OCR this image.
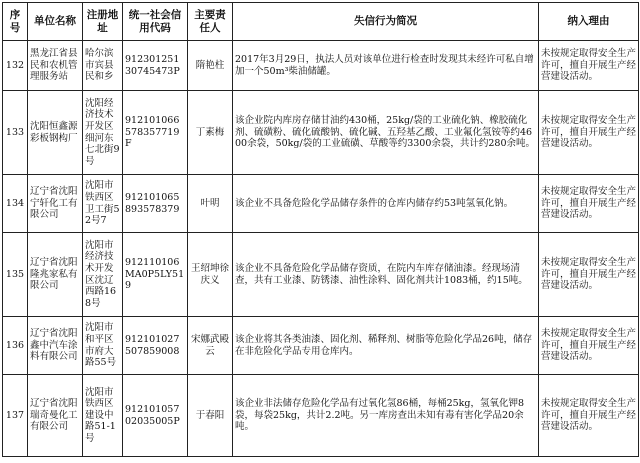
序号	单位名称	注册地址	统一社会信用代码	主要责任人	失信行为简况	纳入理由
132	黑龙江省县民和农机管理服务站	哈尔滨市宾县民和乡	91230125130745473P	隋艳柱	2017年3月29日，执法人员对该单位进行检查时发现其未经许可私自增加一个50m³柴油储罐。	未按规定取得安全生产许可，擅自开展生产经营建设活动。
133	沈阳恒鑫源彩板钢构厂	沈阳经济技术开发区细河东七北街9号	912101066578357719F	丁素梅	该企业院内库房存储甘油约430桶，25kg/袋的工业硫化钠、橡胶硫化剂、硫磺粉、硫化硫酸钠、硫化碱、五羟基乙酸、工业氟化氢铵等约4600余袋，50kg/袋的工业硫磺、草酸等约3300余袋，共计约280余吨。	未按规定取得安全生产许可，擅自开展生产经营建设活动。
134	辽宁省沈阳宁轩化工有限公司	沈阳市铁西区卫工街52号7	912101065893578379	叶明	该企业不具备危险化学品储存条件的仓库内储存约53吨氢氧化钠。	未按规定取得安全生产许可，擅自开展生产经营建设活动。
135	辽宁省沈阳隆兆家私有限公司	沈阳市经济技术开发区沈辽西路168号	912110106MA0P5LY519	王绍坤徐庆义	该企业不具备危险化学品储存资质，在院内车库存储油漆。经现场清查，共有工业漆、防锈漆、油性涂料、固化剂共计1083桶，约15吨。	未按规定取得安全生产许可，擅自开展生产经营建设活动。
136	辽宁省沈阳鑫中汽车涂料有限公司	沈阳市和平区市府大路55号	912101027507859008	宋娜武殿云	该企业将其各类油漆、固化剂、稀释剂、树脂等危险化学品26吨，储存在非危险化学品专用仓库内。	未按规定取得安全生产许可，擅自开展生产经营建设活动。
137	辽宁省沈阳瑞奇曼化工有限公司	沈阳市铁西区建设中路51-1号	91210105702035005P	于春阳	该企业非法储存危险化学品有过氧化氢86桶，每桶25kg，氢氧化钾8袋，每袋25kg，共计2.2吨。另一库房查出未知有毒有害化学品20余吨。	未按规定取得安全生产许可，擅自开展生产经营建设活动。
